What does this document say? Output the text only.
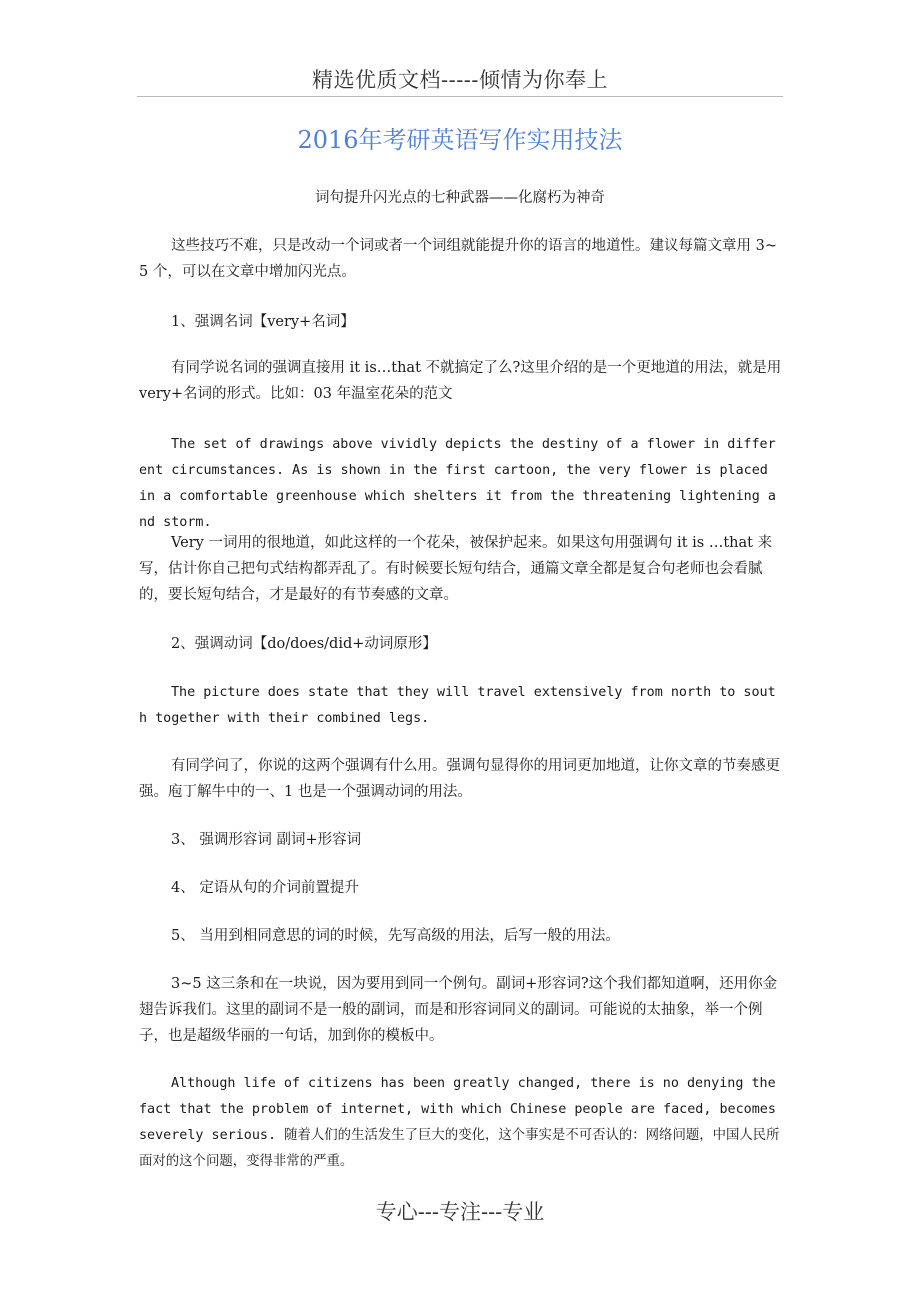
精选优质文档-----倾情为你奉上
2016年考研英语写作实用技法
词句提升闪光点的七种武器——化腐朽为神奇
这些技巧不难，只是改动一个词或者一个词组就能提升你的语言的地道性。建议每篇文章用 3~5 个，可以在文章中增加闪光点。
1、强调名词【very+名词】
有同学说名词的强调直接用 it is…that 不就搞定了么?这里介绍的是一个更地道的用法，就是用 very+名词的形式。比如：03 年温室花朵的范文
The set of drawings above vividly depicts the destiny of a flower in different circumstances. As is shown in the first cartoon, the very flower is placed in a comfortable greenhouse which shelters it from the threatening lightening and storm.
Very 一词用的很地道，如此这样的一个花朵，被保护起来。如果这句用强调句 it is …that 来写，估计你自己把句式结构都弄乱了。有时候要长短句结合，通篇文章全都是复合句老师也会看腻的，要长短句结合，才是最好的有节奏感的文章。
2、强调动词【do/does/did+动词原形】
The picture does state that they will travel extensively from north to south together with their combined legs.
有同学问了，你说的这两个强调有什么用。强调句显得你的用词更加地道，让你文章的节奏感更强。庖丁解牛中的一、1 也是一个强调动词的用法。
3、 强调形容词 副词+形容词
4、 定语从句的介词前置提升
5、 当用到相同意思的词的时候，先写高级的用法，后写一般的用法。
3~5 这三条和在一块说，因为要用到同一个例句。副词+形容词?这个我们都知道啊，还用你金翅告诉我们。这里的副词不是一般的副词，而是和形容词同义的副词。可能说的太抽象，举一个例子，也是超级华丽的一句话，加到你的模板中。
Although life of citizens has been greatly changed, there is no denying the fact that the problem of internet, with which Chinese people are faced, becomes severely serious. 随着人们的生活发生了巨大的变化，这个事实是不可否认的：网络问题，中国人民所面对的这个问题，变得非常的严重。
专心---专注---专业
